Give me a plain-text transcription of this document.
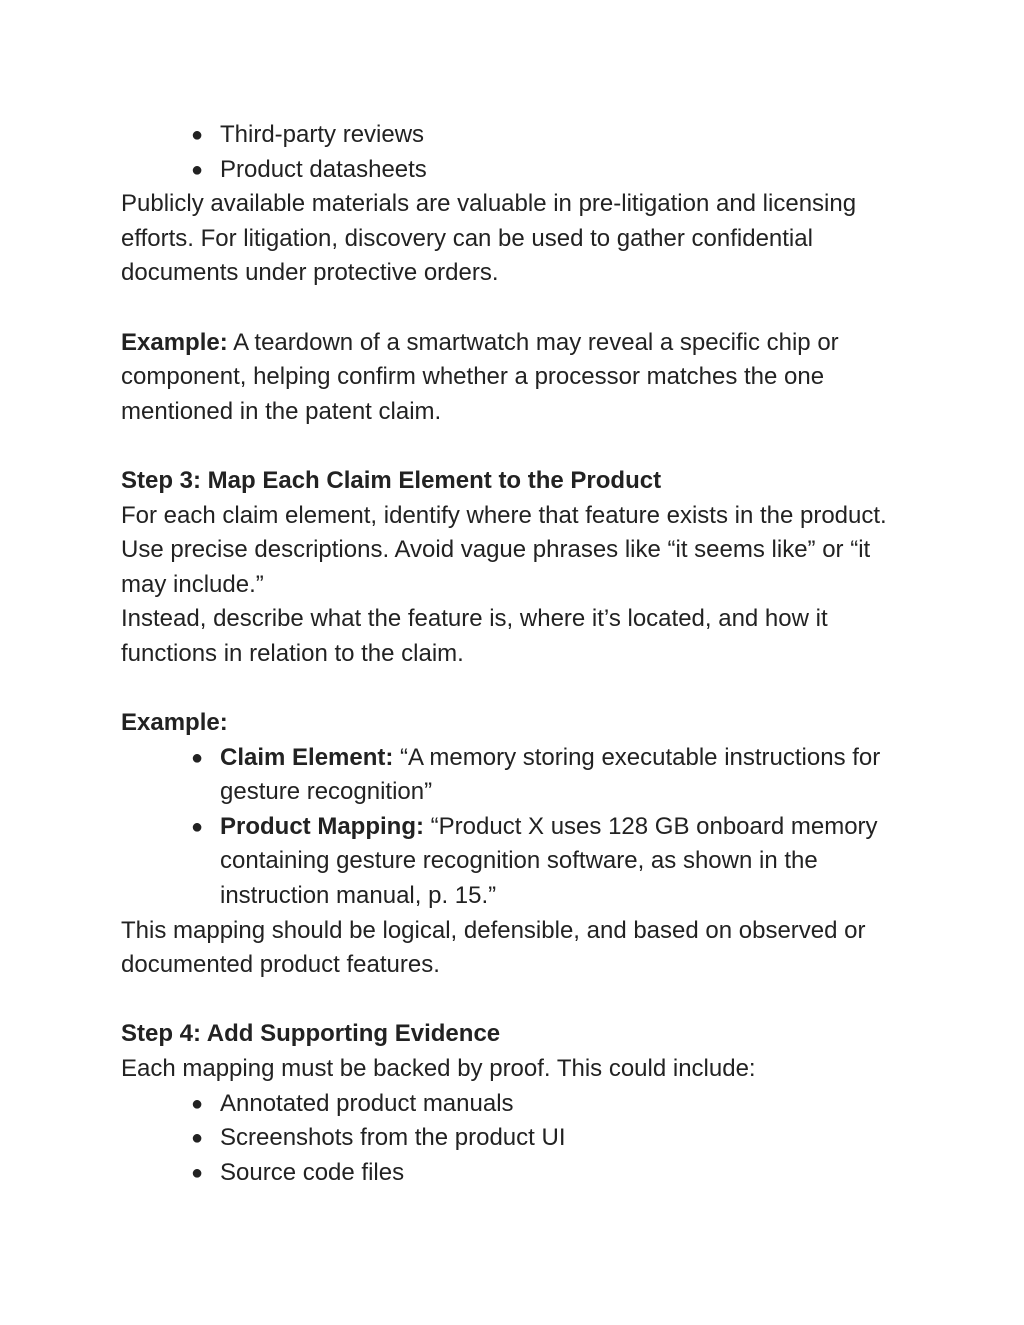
● Third-party reviews
● Product datasheets

Publicly available materials are valuable in pre-litigation and licensing efforts. For litigation, discovery can be used to gather confidential documents under protective orders.

Example: A teardown of a smartwatch may reveal a specific chip or component, helping confirm whether a processor matches the one mentioned in the patent claim.

Step 3: Map Each Claim Element to the Product

For each claim element, identify where that feature exists in the product. Use precise descriptions. Avoid vague phrases like “it seems like” or “it may include.”

Instead, describe what the feature is, where it’s located, and how it functions in relation to the claim.

Example:

● Claim Element: “A memory storing executable instructions for gesture recognition”
● Product Mapping: “Product X uses 128 GB onboard memory containing gesture recognition software, as shown in the instruction manual, p. 15.”

This mapping should be logical, defensible, and based on observed or documented product features.

Step 4: Add Supporting Evidence

Each mapping must be backed by proof. This could include:

● Annotated product manuals
● Screenshots from the product UI
● Source code files
